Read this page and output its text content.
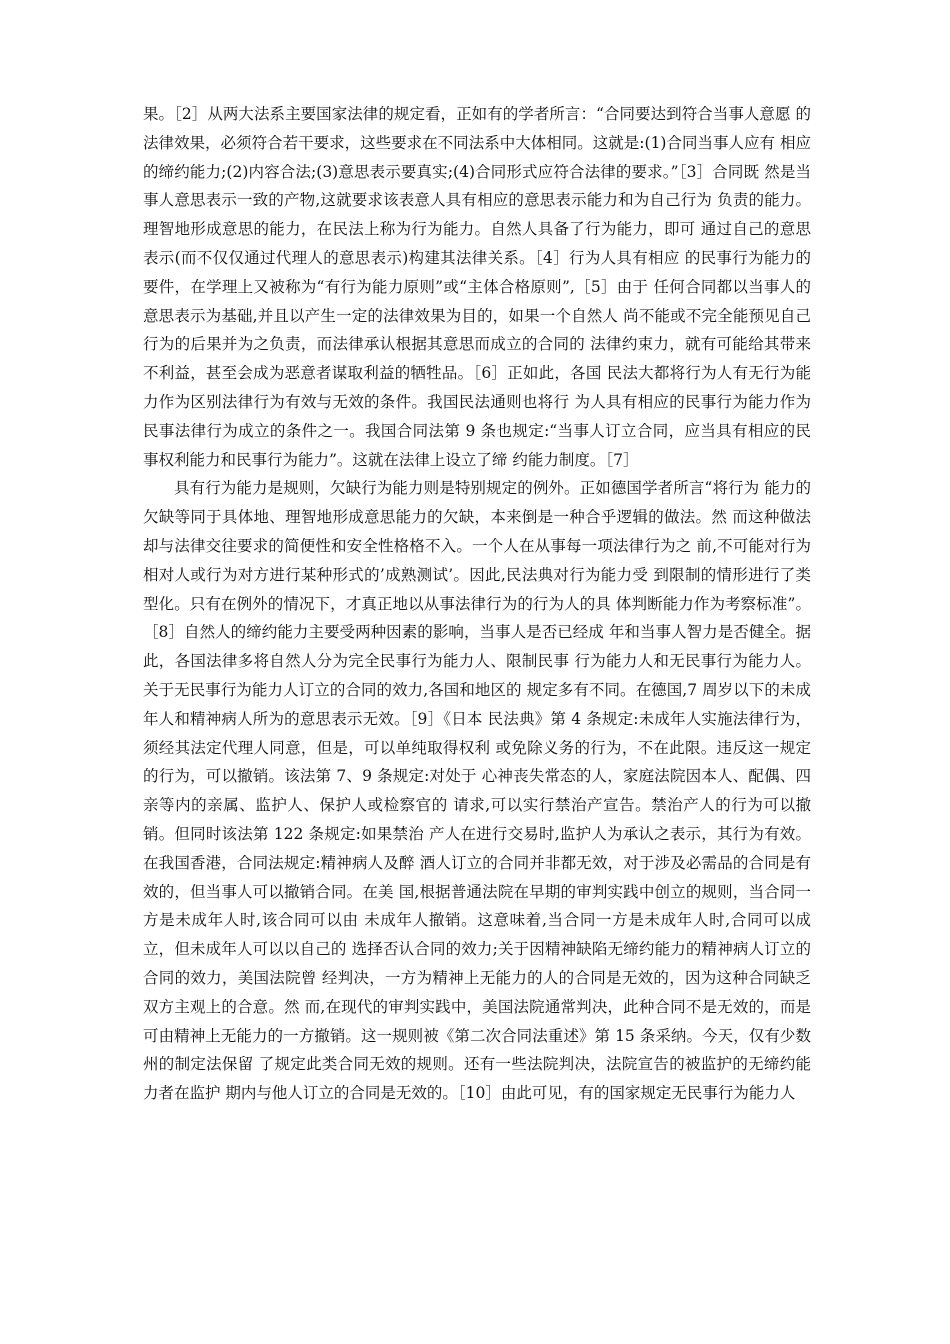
果。［2］从两大法系主要国家法律的规定看，正如有的学者所言：“合同要达到符合当事人意愿 的法律效果，必须符合若干要求，这些要求在不同法系中大体相同。这就是:(1)合同当事人应有 相应的缔约能力;(2)内容合法;(3)意思表示要真实;(4)合同形式应符合法律的要求。”［3］合同既 然是当事人意思表示一致的产物,这就要求该表意人具有相应的意思表示能力和为自己行为 负责的能力。理智地形成意思的能力，在民法上称为行为能力。自然人具备了行为能力，即可 通过自己的意思表示(而不仅仅通过代理人的意思表示)构建其法律关系。［4］行为人具有相应 的民事行为能力的要件，在学理上又被称为“有行为能力原则”或“主体合格原则”,［5］由于 任何合同都以当事人的意思表示为基础,并且以产生一定的法律效果为目的，如果一个自然人 尚不能或不完全能预见自己行为的后果并为之负责，而法律承认根据其意思而成立的合同的 法律约束力，就有可能给其带来不利益，甚至会成为恶意者谋取利益的牺牲品。［6］正如此，各国 民法大都将行为人有无行为能力作为区别法律行为有效与无效的条件。我国民法通则也将行 为人具有相应的民事行为能力作为民事法律行为成立的条件之一。我国合同法第 9 条也规定:“当事人订立合同，应当具有相应的民事权利能力和民事行为能力”。这就在法律上设立了缔 约能力制度。［7］

具有行为能力是规则，欠缺行为能力则是特别规定的例外。正如德国学者所言“将行为 能力的欠缺等同于具体地、理智地形成意思能力的欠缺，本来倒是一种合乎逻辑的做法。然 而这种做法却与法律交往要求的简便性和安全性格格不入。一个人在从事每一项法律行为之 前,不可能对行为相对人或行为对方进行某种形式的’成熟测试’。因此,民法典对行为能力受 到限制的情形进行了类型化。只有在例外的情况下，才真正地以从事法律行为的行为人的具 体判断能力作为考察标准”。［8］自然人的缔约能力主要受两种因素的影响，当事人是否已经成 年和当事人智力是否健全。据此，各国法律多将自然人分为完全民事行为能力人、限制民事 行为能力人和无民事行为能力人。关于无民事行为能力人订立的合同的效力,各国和地区的 规定多有不同。在德国,7 周岁以下的未成年人和精神病人所为的意思表示无效。［9］《日本 民法典》第 4 条规定:未成年人实施法律行为，须经其法定代理人同意，但是，可以单纯取得权利 或免除义务的行为，不在此限。违反这一规定的行为，可以撤销。该法第 7、9 条规定:对处于 心神丧失常态的人，家庭法院因本人、配偶、四亲等内的亲属、监护人、保护人或检察官的 请求,可以实行禁治产宣告。禁治产人的行为可以撤销。但同时该法第 122 条规定:如果禁治 产人在进行交易时,监护人为承认之表示，其行为有效。在我国香港，合同法规定:精神病人及醉 酒人订立的合同并非都无效，对于涉及必需品的合同是有效的，但当事人可以撤销合同。在美 国,根据普通法院在早期的审判实践中创立的规则，当合同一方是未成年人时,该合同可以由 未成年人撤销。这意味着,当合同一方是未成年人时,合同可以成立，但未成年人可以以自己的 选择否认合同的效力;关于因精神缺陷无缔约能力的精神病人订立的合同的效力，美国法院曾 经判决，一方为精神上无能力的人的合同是无效的，因为这种合同缺乏双方主观上的合意。然 而,在现代的审判实践中，美国法院通常判决，此种合同不是无效的，而是可由精神上无能力的一方撤销。这一规则被《第二次合同法重述》第 15 条采纳。今天，仅有少数州的制定法保留 了规定此类合同无效的规则。还有一些法院判决，法院宣告的被监护的无缔约能力者在监护 期内与他人订立的合同是无效的。［10］由此可见，有的国家规定无民事行为能力人
